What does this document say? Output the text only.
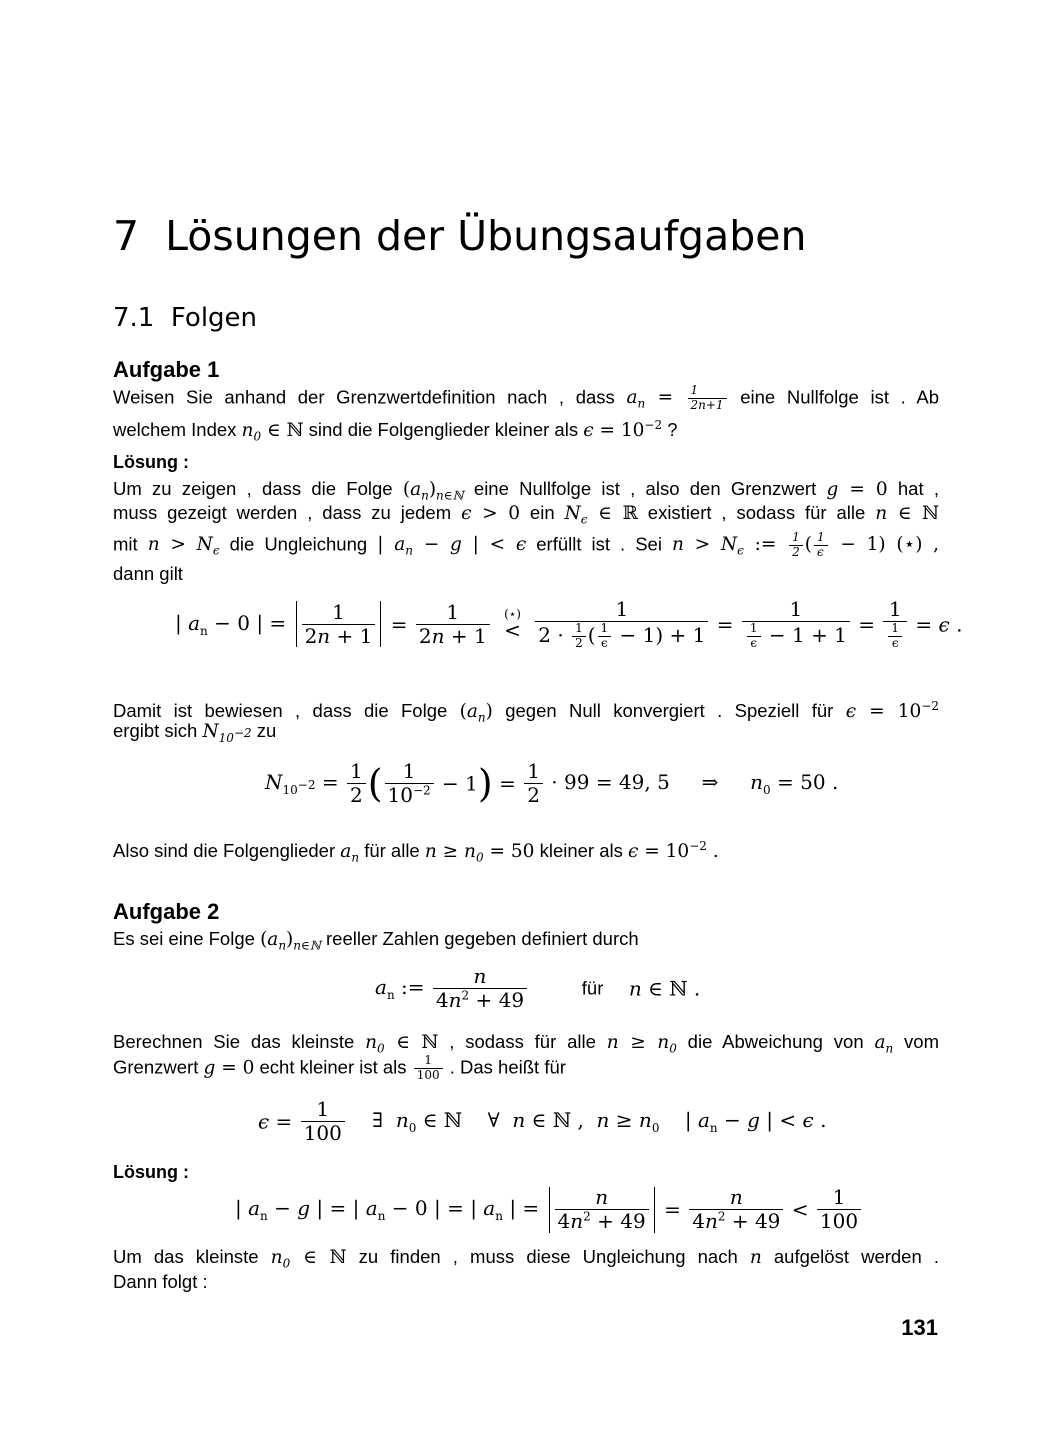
7 Lösungen der Übungsaufgaben
7.1 Folgen
Aufgabe 1
Weisen Sie anhand der Grenzwertdefinition nach , dass $a_n = \frac{1}{2n+1}$ eine Nullfolge ist . Ab
welchem Index $n_0$ ∈ ℕ sind die Folgenglieder kleiner als $\epsilon = 10^{-2}$ ?
Lösung :
Um zu zeigen , dass die Folge $(a_n)_{n\in ℕ}$ eine Nullfolge ist , also den Grenzwert g = 0 hat ,
muss gezeigt werden , dass zu jedem ϵ > 0 ein $N_\epsilon$ ∈ ℝ existiert , sodass für alle n ∈ ℕ
mit $n > N_\epsilon$ die Ungleichung | $a_n - g$ | < ϵ erfüllt ist . Sei $n > N_\epsilon$ := $\frac{1}{2}$ ( $\frac{1}{\epsilon} - 1$) (⋆) ,
dann gilt
| $a_n - 0$ | = $\frac{1}{2n + 1} = \frac{1}{2n + 1}$
(⋆)
< $\frac{1}{2 \cdot \frac{1}{2} ( \frac{1}{\epsilon} - 1) + 1} = \frac{1}{\frac{1}{\epsilon} - 1 + 1} = \frac{1}{\frac{1}{\epsilon}} = \epsilon$ .
Damit ist bewiesen , dass die Folge $(a_n)$ gegen Null konvergiert . Speziell für $\epsilon = 10^{-2}$
ergibt sich $N_{10^{-2}}$ zu
$N_{10^{-2}} = \frac{1}{2}$ ( $\frac{1}{10^{-2}} - 1) = \frac{1}{2} \cdot 99 = 49$, 5     ⇒     $n_0 = 50$ .
Also sind die Folgenglieder $a_n$ für alle $n \ge n_0 = 50$ kleiner als $\epsilon = 10^{-2}$ .
Aufgabe 2
Es sei eine Folge $(a_n)_{n\in ℕ}$ reeller Zahlen gegeben definiert durch
$a_n$ := $\frac{n}{4n^2 + 49}$	für n ∈ ℕ .
Berechnen Sie das kleinste $n_0$ ∈ ℕ , sodass für alle $n \ge n_0$ die Abweichung von $a_n$ vom
Grenzwert g = 0 echt kleiner ist als $\frac{1}{100}$ . Das heißt für
$\epsilon = \frac{1}{100}$ ∃  $n_0$ ∈ ℕ    ∀  n ∈ ℕ ,  $n \ge n_0$    | $a_n - g$ | < ϵ .
Lösung :
| $a_n - g$ | = | $a_n - 0$ | = | $a_n$ | = $\frac{n}{4n^2 + 49} = \frac{n}{4n^2 + 49} < \frac{1}{100}$
Um das kleinste $n_0$ ∈ ℕ zu finden , muss diese Ungleichung nach n aufgelöst werden .
Dann folgt :
131
